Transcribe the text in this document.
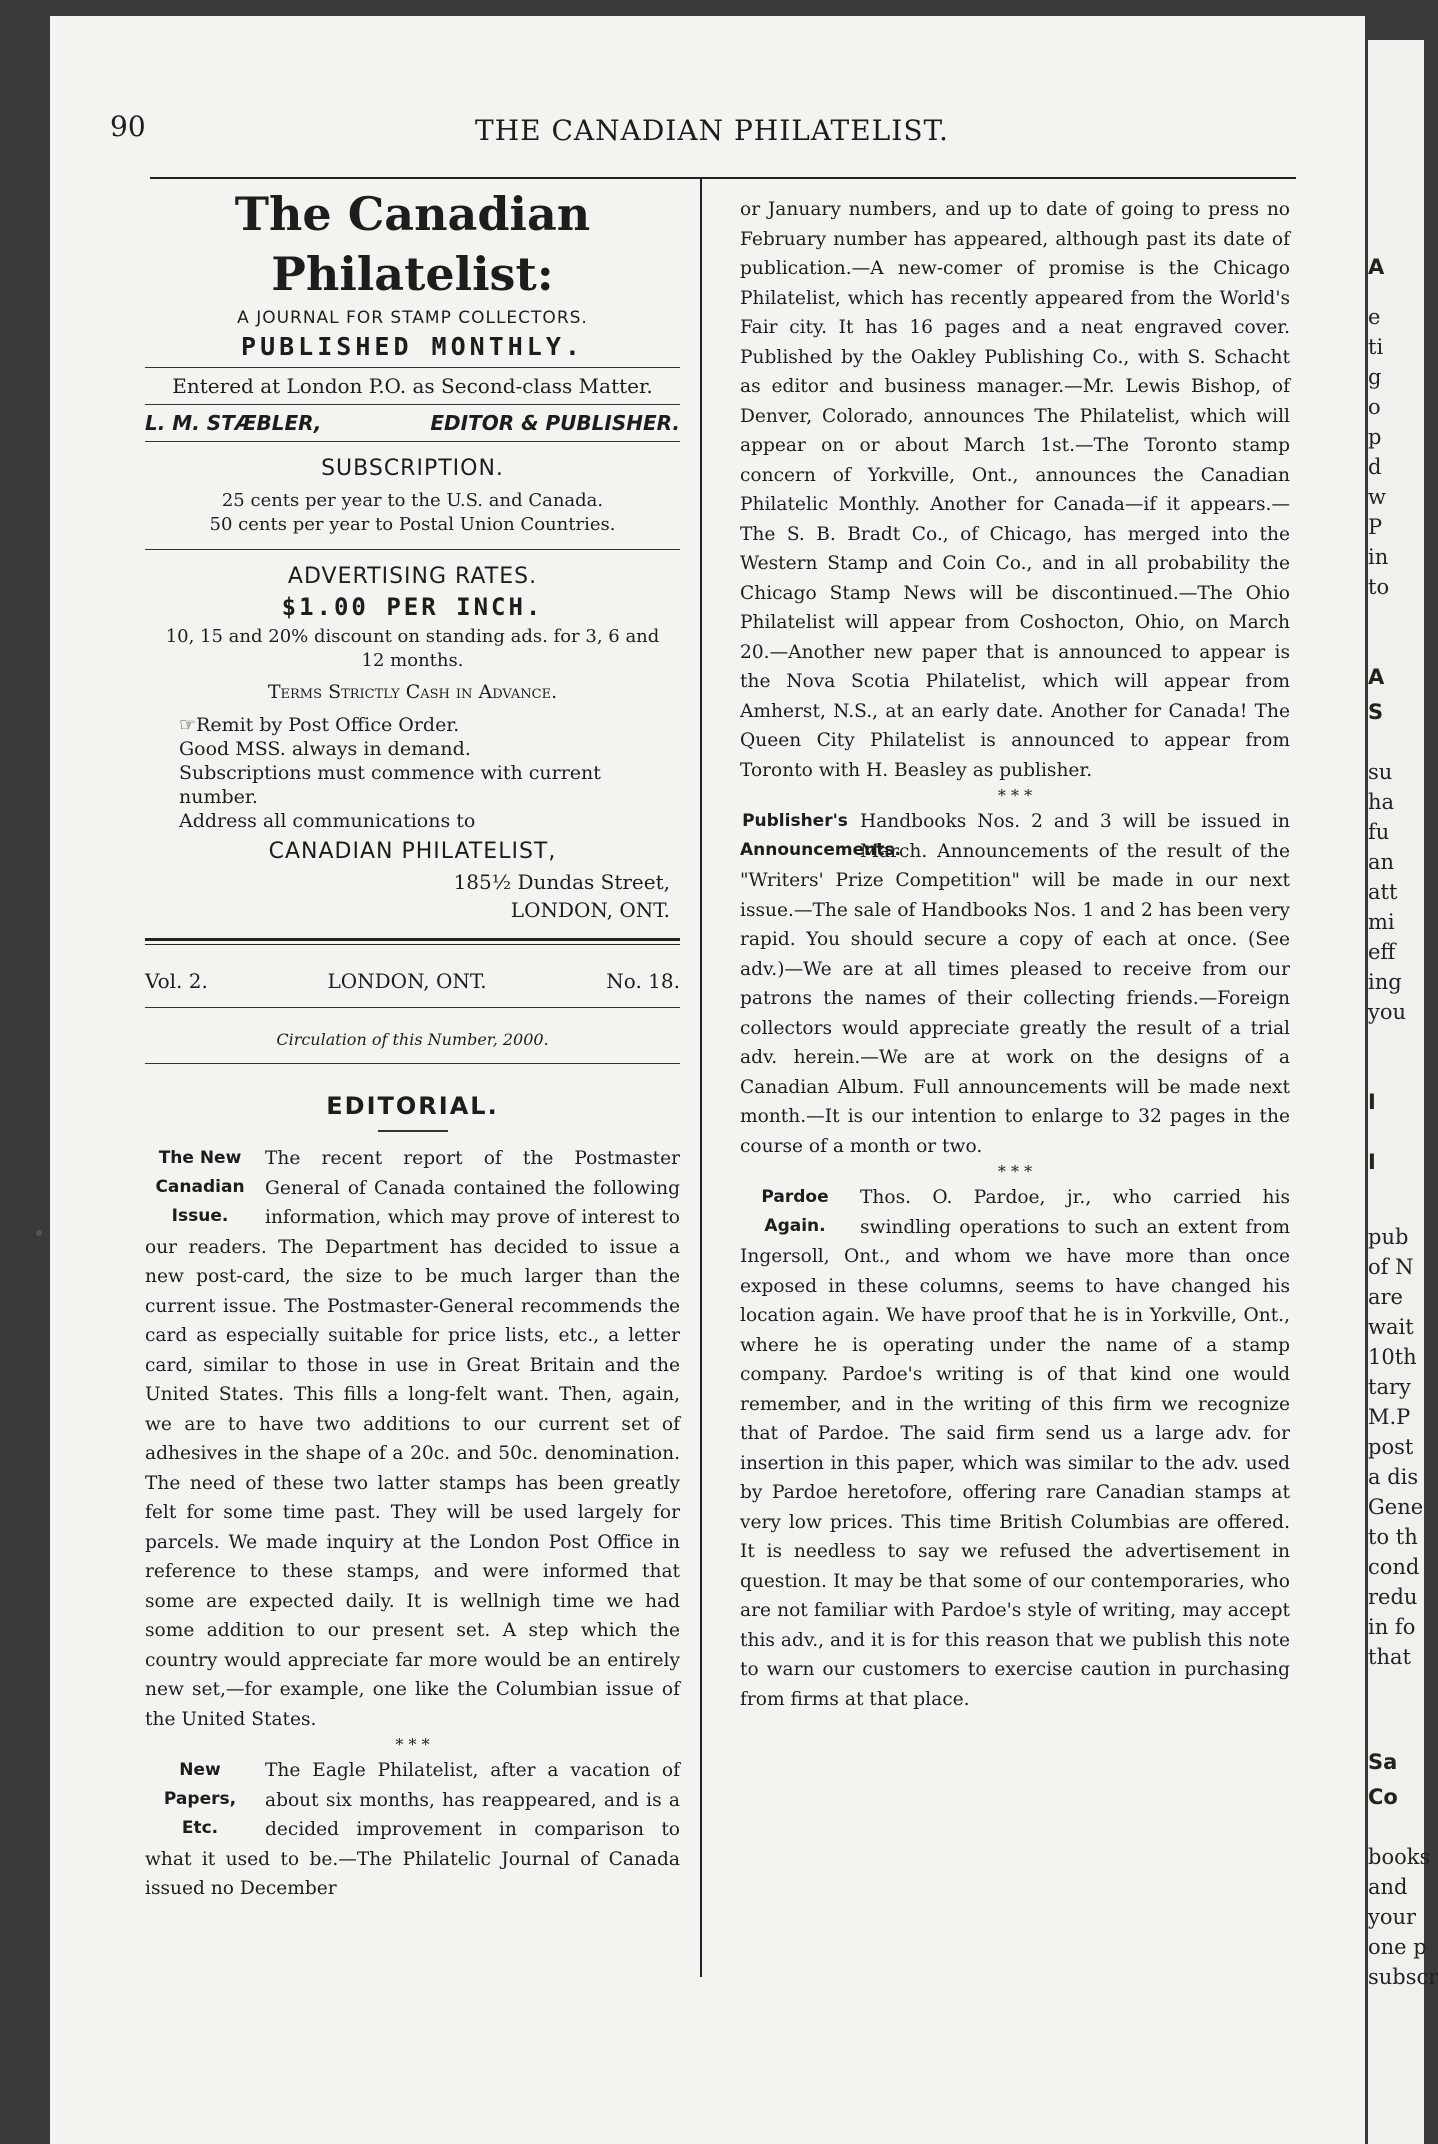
A
e
ti
g
o
p
d
w
P
in
to
A
S
su
ha
fu
an
att
mi
eff
ing
you
I
I
pub
of N
are
wait
10th
tary
M.P
post
a dis
Gene
to th
cond
redu
in fo
that
Sa
Co
books
and
your
one p
subscr
90	THE CANADIAN PHILATELIST.
The Canadian Philatelist:
A JOURNAL FOR STAMP COLLECTORS.
PUBLISHED MONTHLY.
Entered at London P.O. as Second-class Matter.
L. M. STÆBLER,	EDITOR & PUBLISHER.
SUBSCRIPTION.
25 cents per year to the U.S. and Canada.
50 cents per year to Postal Union Countries.
ADVERTISING RATES.
$1.00 PER INCH.
10, 15 and 20% discount on standing ads. for 3, 6 and
12 months.
Terms Strictly Cash in Advance.
☞Remit by Post Office Order.
Good MSS. always in demand.
Subscriptions must commence with current number.
Address all communications to
CANADIAN PHILATELIST,
185½ Dundas Street,
LONDON, ONT.
Vol. 2.	LONDON, ONT.	No. 18.
Circulation of this Number, 2000.
EDITORIAL.
The New Canadian Issue.
The recent report of the Postmaster General of Canada contained the following information, which may prove of interest to our readers. The Department has decided to issue a new post-card, the size to be much larger than the current issue. The Postmaster-General recommends the card as especially suitable for price lists, etc., a letter card, similar to those in use in Great Britain and the United States. This fills a long-felt want. Then, again, we are to have two additions to our current set of adhesives in the shape of a 20c. and 50c. denomination. The need of these two latter stamps has been greatly felt for some time past. They will be used largely for parcels. We made inquiry at the London Post Office in reference to these stamps, and were informed that some are expected daily. It is wellnigh time we had some addition to our present set. A step which the country would appreciate far more would be an entirely new set,—for example, one like the Columbian issue of the United States.
* * *
New Papers, Etc.
The Eagle Philatelist, after a vacation of about six months, has reappeared, and is a decided improvement in comparison to what it used to be.—The Philatelic Journal of Canada issued no December
or January numbers, and up to date of going to press no February number has appeared, although past its date of publication.—A new-comer of promise is the Chicago Philatelist, which has recently appeared from the World's Fair city. It has 16 pages and a neat engraved cover. Published by the Oakley Publishing Co., with S. Schacht as editor and business manager.—Mr. Lewis Bishop, of Denver, Colorado, announces The Philatelist, which will appear on or about March 1st.—The Toronto stamp concern of Yorkville, Ont., announces the Canadian Philatelic Monthly. Another for Canada—if it appears.—The S. B. Bradt Co., of Chicago, has merged into the Western Stamp and Coin Co., and in all probability the Chicago Stamp News will be discontinued.—The Ohio Philatelist will appear from Coshocton, Ohio, on March 20.—Another new paper that is announced to appear is the Nova Scotia Philatelist, which will appear from Amherst, N.S., at an early date. Another for Canada! The Queen City Philatelist is announced to appear from Toronto with H. Beasley as publisher.
* * *
Publisher's Announcements.
Handbooks Nos. 2 and 3 will be issued in March. Announcements of the result of the "Writers' Prize Competition" will be made in our next issue.—The sale of Handbooks Nos. 1 and 2 has been very rapid. You should secure a copy of each at once. (See adv.)—We are at all times pleased to receive from our patrons the names of their collecting friends.—Foreign collectors would appreciate greatly the result of a trial adv. herein.—We are at work on the designs of a Canadian Album. Full announcements will be made next month.—It is our intention to enlarge to 32 pages in the course of a month or two.
* * *
Pardoe Again.
Thos. O. Pardoe, jr., who carried his swindling operations to such an extent from Ingersoll, Ont., and whom we have more than once exposed in these columns, seems to have changed his location again. We have proof that he is in Yorkville, Ont., where he is operating under the name of a stamp company. Pardoe's writing is of that kind one would remember, and in the writing of this firm we recognize that of Pardoe. The said firm send us a large adv. for insertion in this paper, which was similar to the adv. used by Pardoe heretofore, offering rare Canadian stamps at very low prices. This time British Columbias are offered. It is needless to say we refused the advertisement in question. It may be that some of our contemporaries, who are not familiar with Pardoe's style of writing, may accept this adv., and it is for this reason that we publish this note to warn our customers to exercise caution in purchasing from firms at that place.
